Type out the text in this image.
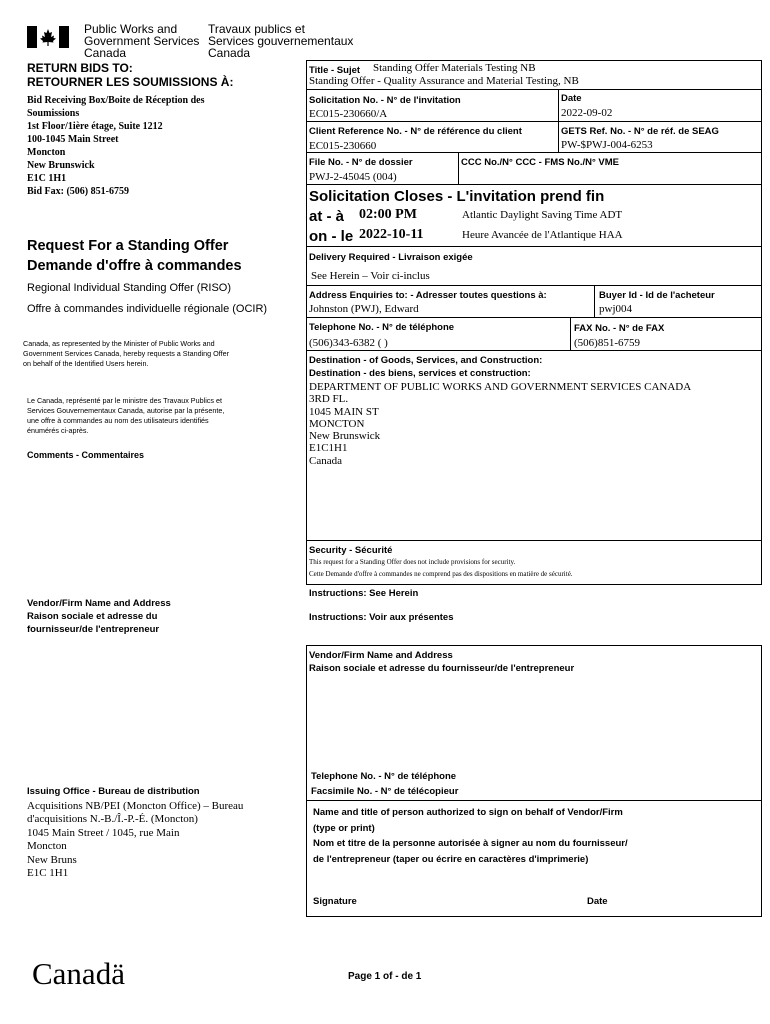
Public Works and
Government Services
Canada
Travaux publics et
Services gouvernementaux
Canada
RETURN BIDS TO:
RETOURNER LES SOUMISSIONS À:
Bid Receiving Box/Boite de Réception des
Soumissions
1st Floor/1ière étage, Suite 1212
100-1045 Main Street
Moncton
New Brunswick
E1C 1H1
Bid Fax: (506) 851-6759
Request For a Standing Offer
Demande d'offre à commandes
Regional Individual Standing Offer (RISO)
Offre à commandes individuelle régionale (OCIR)
Canada, as represented by the Minister of Public Works and
Government Services Canada, hereby requests a Standing Offer
on behalf of the Identified Users herein.
Le Canada, représenté par le ministre des Travaux Publics et
Services Gouvernementaux Canada, autorise par la présente,
une offre à commandes au nom des utilisateurs identifiés
énumérés ci-après.
Comments - Commentaires
Vendor/Firm Name and Address
Raison sociale et adresse du
fournisseur/de l'entrepreneur
Issuing Office - Bureau de distribution
Acquisitions NB/PEI (Moncton Office) – Bureau
d'acquisitions N.-B./Î.-P.-É. (Moncton)
1045 Main Street / 1045, rue Main
Moncton
New Bruns
E1C 1H1
Title - Sujet Standing Offer Materials Testing NB
Standing Offer - Quality Assurance and Material Testing, NB
Solicitation No. - N° de l'invitation
EC015-230660/A
Date
2022-09-02
Client Reference No. - N° de référence du client
EC015-230660
GETS Ref. No. - N° de réf. de SEAG
PW-$PWJ-004-6253
File No. - N° de dossier
PWJ-2-45045 (004)
CCC No./N° CCC - FMS No./N° VME
Solicitation Closes - L'invitation prend fin
at - à 02:00 PM	Atlantic Daylight Saving Time ADT
on - le 2022-10-11	Heure Avancée de l'Atlantique HAA
Delivery Required - Livraison exigée
See Herein – Voir ci-inclus
Address Enquiries to: - Adresser toutes questions à:
Johnston (PWJ), Edward
Buyer Id - Id de l'acheteur
pwj004
Telephone No. - N° de téléphone
(506)343-6382 ( )
FAX No. - N° de FAX
(506)851-6759
Destination - of Goods, Services, and Construction:
Destination - des biens, services et construction:
DEPARTMENT OF PUBLIC WORKS AND GOVERNMENT SERVICES CANADA
3RD FL.
1045 MAIN ST
MONCTON
New Brunswick
E1C1H1
Canada
Security - Sécurité
This request for a Standing Offer does not include provisions for security.
Cette Demande d'offre à commandes ne comprend pas des dispositions en matière de sécurité.
Instructions: See Herein
Instructions: Voir aux présentes
Vendor/Firm Name and Address
Raison sociale et adresse du fournisseur/de l'entrepreneur
Telephone No. - N° de téléphone
Facsimile No. - N° de télécopieur
Name and title of person authorized to sign on behalf of Vendor/Firm
(type or print)
Nom et titre de la personne autorisée à signer au nom du fournisseur/
de l'entrepreneur (taper ou écrire en caractères d'imprimerie)
Signature	Date
Canadä	Page 1 of - de 1
